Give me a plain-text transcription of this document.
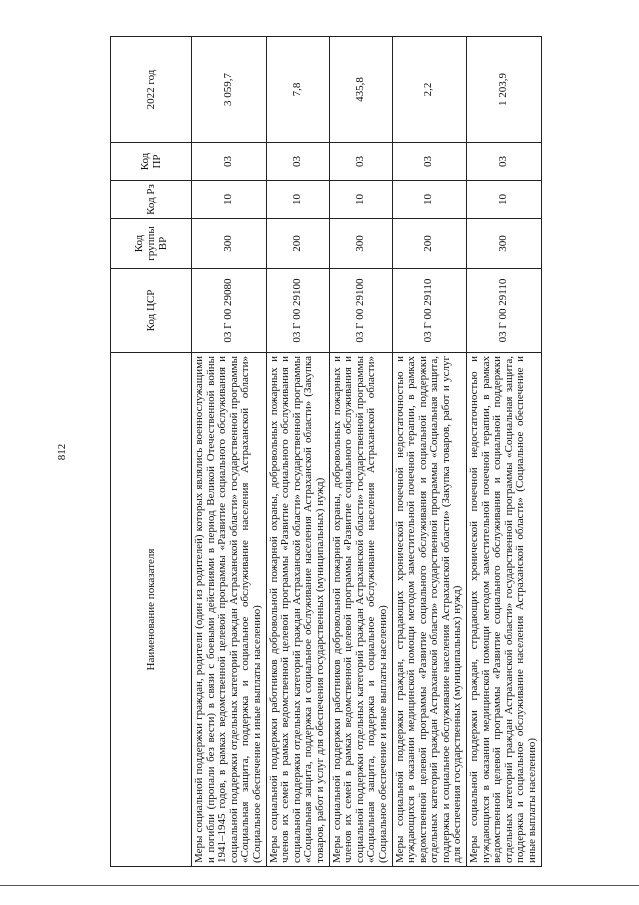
812
Наименование показателя	Код ЦСР	Код группы ВР	Код Рз	Код ПР	2022 год
Меры социальной поддержки граждан, родители (один из родителей) которых являлись военнослужащими и погибли (пропали без вести) в связи с боевыми действиями в период Великой Отечественной войны 1941–1945 годов, в рамках ведомственной целевой программы «Развитие социального обслуживания и социальной поддержки отдельных категорий граждан Астраханской области» государственной программы «Социальная защита, поддержка и социальное обслуживание населения Астраханской области» (Социальное обеспечение и иные выплаты населению)	03 Г 00 29080	300	10	03	3 059,7
Меры социальной поддержки работников добровольной пожарной охраны, добровольных пожарных и членов их семей в рамках ведомственной целевой программы «Развитие социального обслуживания и социальной поддержки отдельных категорий граждан Астраханской области» государственной программы «Социальная защита, поддержка и социальное обслуживание населения Астраханской области» (Закупка товаров, работ и услуг для обеспечения государственных (муниципальных) нужд)	03 Г 00 29100	200	10	03	7,8
Меры социальной поддержки работников добровольной пожарной охраны, добровольных пожарных и членов их семей в рамках ведомственной целевой программы «Развитие социального обслуживания и социальной поддержки отдельных категорий граждан Астраханской области» государственной программы «Социальная защита, поддержка и социальное обслуживание населения Астраханской области» (Социальное обеспечение и иные выплаты населению)	03 Г 00 29100	300	10	03	435,8
Меры социальной поддержки граждан, страдающих хронической почечной недостаточностью и нуждающихся в оказании медицинской помощи методом заместительной почечной терапии, в рамках ведомственной целевой программы «Развитие социального обслуживания и социальной поддержки отдельных категорий граждан Астраханской области» государственной программы «Социальная защита, поддержка и социальное обслуживание населения Астраханской области» (Закупка товаров, работ и услуг для обеспечения государственных (муниципальных) нужд)	03 Г 00 29110	200	10	03	2,2
Меры социальной поддержки граждан, страдающих хронической почечной недостаточностью и нуждающихся в оказании медицинской помощи методом заместительной почечной терапии, в рамках ведомственной целевой программы «Развитие социального обслуживания и социальной поддержки отдельных категорий граждан Астраханской области» государственной программы «Социальная защита, поддержка и социальное обслуживание населения Астраханской области» (Социальное обеспечение и иные выплаты населению)	03 Г 00 29110	300	10	03	1 203,9
